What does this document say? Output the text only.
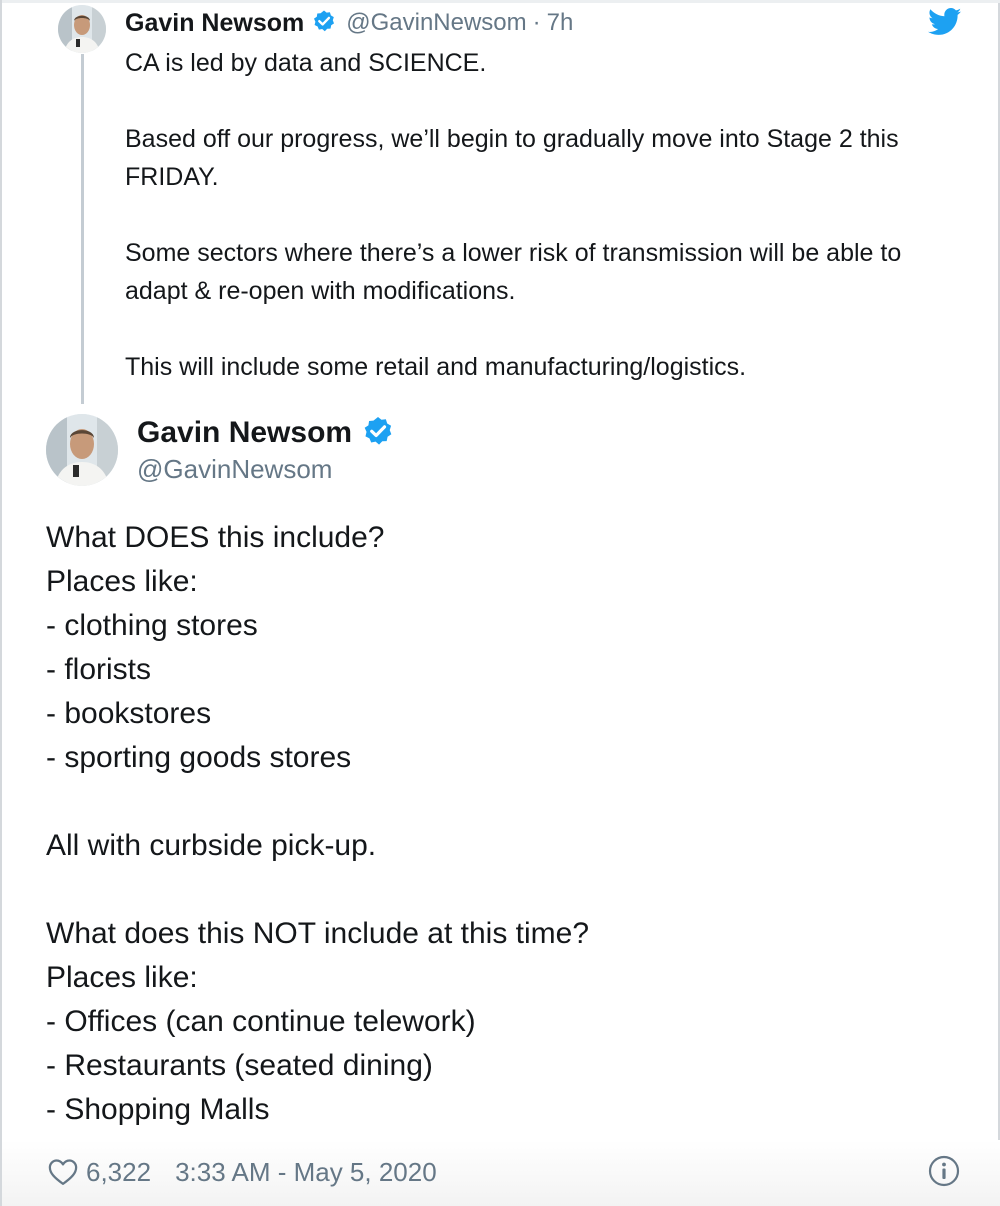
Gavin Newsom @GavinNewsom · 7h

CA is led by data and SCIENCE.

Based off our progress, we’ll begin to gradually move into Stage 2 this FRIDAY.

Some sectors where there’s a lower risk of transmission will be able to adapt & re-open with modifications.

This will include some retail and manufacturing/logistics.

Gavin Newsom
@GavinNewsom
What DOES this include?
Places like:
- clothing stores
- florists
- bookstores
- sporting goods stores
All with curbside pick-up.
What does this NOT include at this time?
Places like:
- Offices (can continue telework)
- Restaurants (seated dining)
- Shopping Malls
6,322 3:33 AM - May 5, 2020
